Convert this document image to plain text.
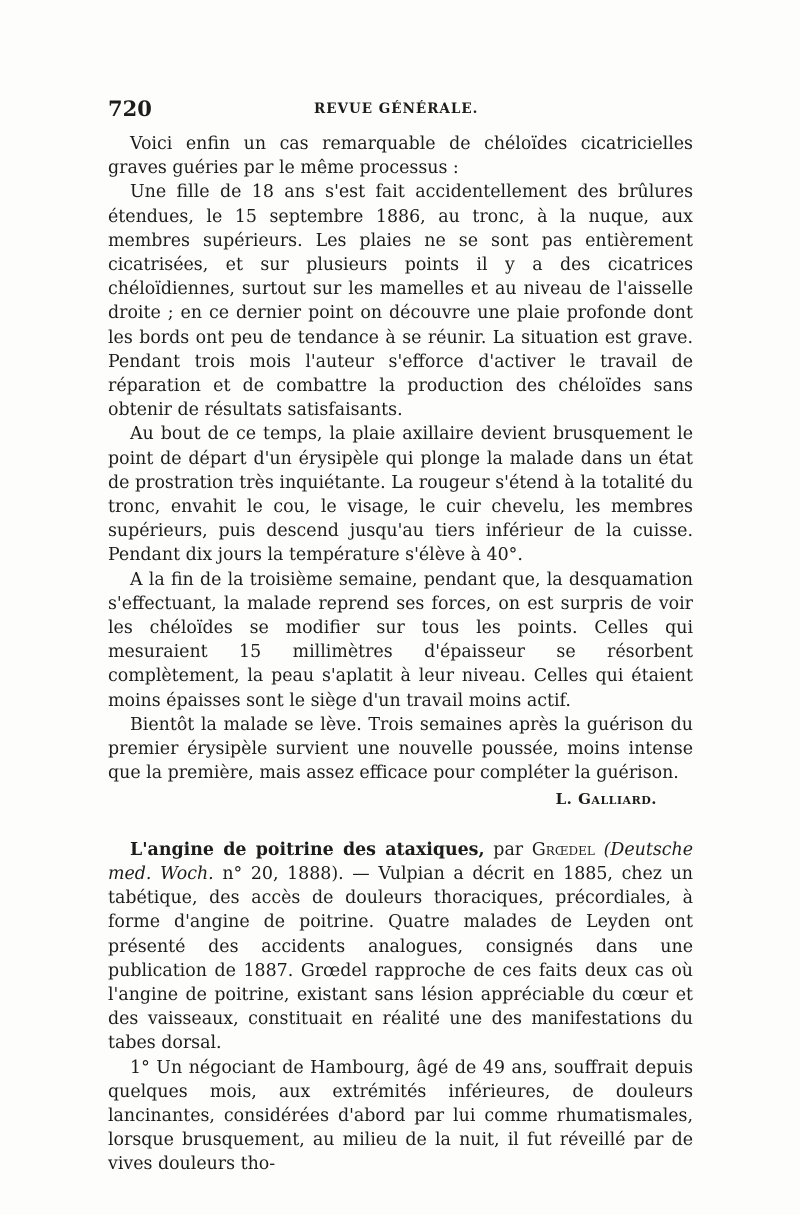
720	REVUE GÉNÉRALE.

Voici enfin un cas remarquable de chéloïdes cicatricielles graves guéries par le même processus :

Une fille de 18 ans s'est fait accidentellement des brûlures étendues, le 15 septembre 1886, au tronc, à la nuque, aux membres supérieurs. Les plaies ne se sont pas entièrement cicatrisées, et sur plusieurs points il y a des cicatrices chéloïdiennes, surtout sur les mamelles et au niveau de l'aisselle droite ; en ce dernier point on découvre une plaie profonde dont les bords ont peu de tendance à se réunir. La situation est grave. Pendant trois mois l'auteur s'efforce d'activer le travail de réparation et de combattre la production des chéloïdes sans obtenir de résultats satisfaisants.

Au bout de ce temps, la plaie axillaire devient brusquement le point de départ d'un érysipèle qui plonge la malade dans un état de prostration très inquiétante. La rougeur s'étend à la totalité du tronc, envahit le cou, le visage, le cuir chevelu, les membres supérieurs, puis descend jusqu'au tiers inférieur de la cuisse. Pendant dix jours la température s'élève à 40°.

A la fin de la troisième semaine, pendant que, la desquamation s'effectuant, la malade reprend ses forces, on est surpris de voir les chéloïdes se modifier sur tous les points. Celles qui mesuraient 15 millimètres d'épaisseur se résorbent complètement, la peau s'aplatit à leur niveau. Celles qui étaient moins épaisses sont le siège d'un travail moins actif.

Bientôt la malade se lève. Trois semaines après la guérison du premier érysipèle survient une nouvelle poussée, moins intense que la première, mais assez efficace pour compléter la guérison.

L. Galliard.

L'angine de poitrine des ataxiques, par Grœdel (Deutsche med. Woch. n° 20, 1888). — Vulpian a décrit en 1885, chez un tabétique, des accès de douleurs thoraciques, précordiales, à forme d'angine de poitrine. Quatre malades de Leyden ont présenté des accidents analogues, consignés dans une publication de 1887. Grœdel rapproche de ces faits deux cas où l'angine de poitrine, existant sans lésion appréciable du cœur et des vaisseaux, constituait en réalité une des manifestations du tabes dorsal.

1° Un négociant de Hambourg, âgé de 49 ans, souffrait depuis quelques mois, aux extrémités inférieures, de douleurs lancinantes, considérées d'abord par lui comme rhumatismales, lorsque brusquement, au milieu de la nuit, il fut réveillé par de vives douleurs tho-
